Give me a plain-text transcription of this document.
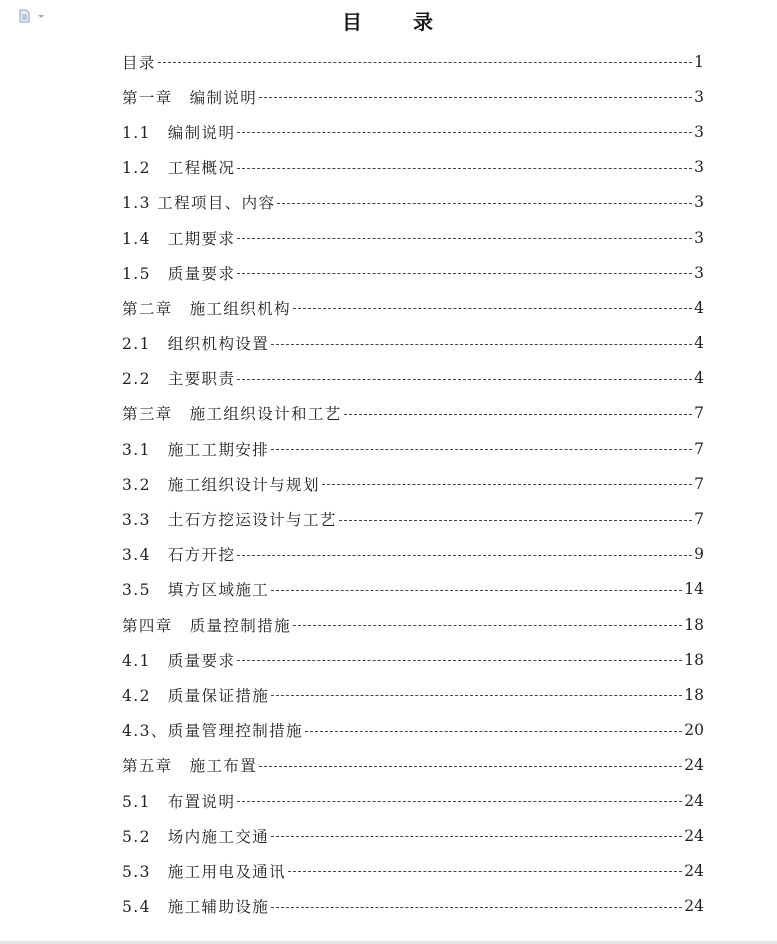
目 录
目录	1
第一章　编制说明	3
1.1　编制说明	3
1.2　工程概况	3
1.3 工程项目、内容	3
1.4　工期要求	3
1.5　质量要求	3
第二章　施工组织机构	4
2.1　组织机构设置	4
2.2　主要职责	4
第三章　施工组织设计和工艺	7
3.1　施工工期安排	7
3.2　施工组织设计与规划	7
3.3　土石方挖运设计与工艺	7
3.4　石方开挖	9
3.5　填方区域施工	14
第四章　质量控制措施	18
4.1　质量要求	18
4.2　质量保证措施	18
4.3、质量管理控制措施	20
第五章　施工布置	24
5.1　布置说明	24
5.2　场内施工交通	24
5.3　施工用电及通讯	24
5.4　施工辅助设施	24
